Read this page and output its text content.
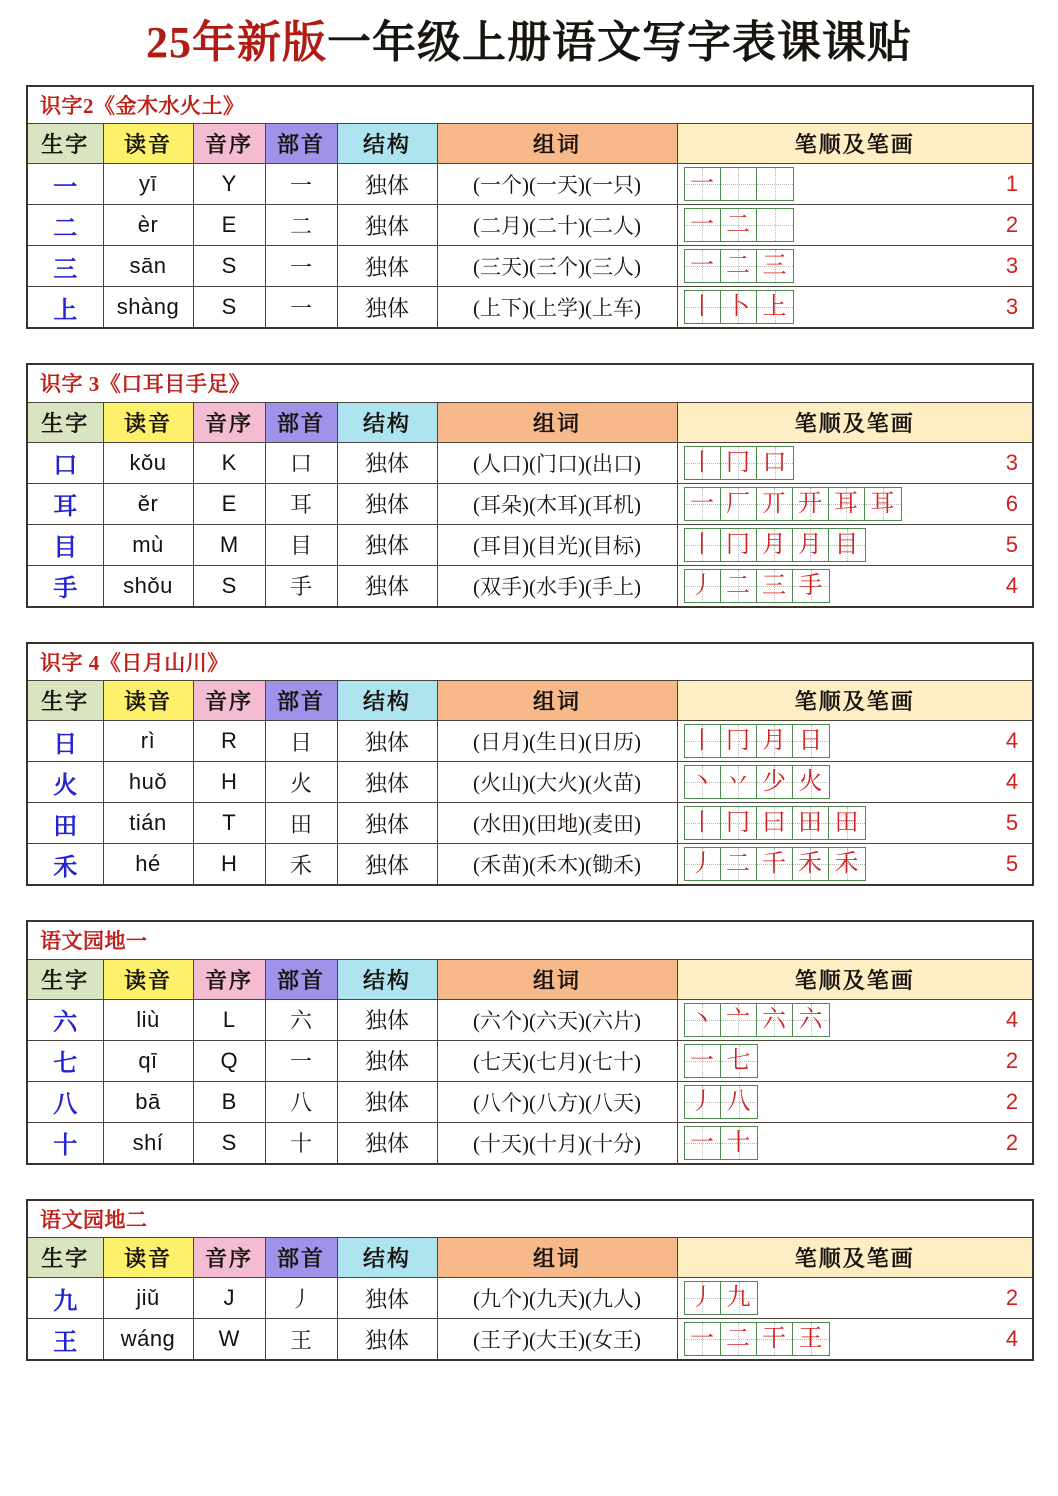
25年新版一年级上册语文写字表课课贴
识字2《金木水火土》						
生字	读音	音序	部首	结构	组词	笔顺及笔画
一	yī	Y	一	独体	(一个)(一天)(一只)	一 1

二	èr	E	二	独体	(二月)(二十)(二人)	一 二 2

三	sān	S	一	独体	(三天)(三个)(三人)	一 二 三 3

上	shàng	S	一	独体	(上下)(上学)(上车)	丨 卜 上 3
识字 3《口耳目手足》						
生字	读音	音序	部首	结构	组词	笔顺及笔画
口	kǒu	K	口	独体	(人口)(门口)(出口)	丨 冂 口 3

耳	ěr	E	耳	独体	(耳朵)(木耳)(耳机)	一 厂 丌 开 耳 耳	6

目	mù	M	目	独体	(耳目)(目光)(目标)	丨 冂 月 月 目	5

手	shǒu	S	手	独体	(双手)(水手)(手上)	丿 二 三 手 4
识字 4《日月山川》						
生字	读音	音序	部首	结构	组词	笔顺及笔画
日	rì	R	日	独体	(日月)(生日)(日历)	丨 冂 月 日 4

火	huǒ	H	火	独体	(火山)(大火)(火苗)	丶 丷 少 火 4

田	tián	T	田	独体	(水田)(田地)(麦田)	丨 冂 曰 田 田	5

禾	hé	H	禾	独体	(禾苗)(禾木)(锄禾)	丿 二 千 禾 禾	5
语文园地一						
生字	读音	音序	部首	结构	组词	笔顺及笔画
六	liù	L	六	独体	(六个)(六天)(六片)	丶 亠 六 六 4

七	qī	Q	一	独体	(七天)(七月)(七十)	一 七 2

八	bā	B	八	独体	(八个)(八方)(八天)	丿 八 2

十	shí	S	十	独体	(十天)(十月)(十分)	一 十 2
语文园地二						
生字	读音	音序	部首	结构	组词	笔顺及笔画
九	jiǔ	J	丿	独体	(九个)(九天)(九人)	丿 九 2

王	wáng	W	王	独体	(王子)(大王)(女王)	一 二 干 王 4
